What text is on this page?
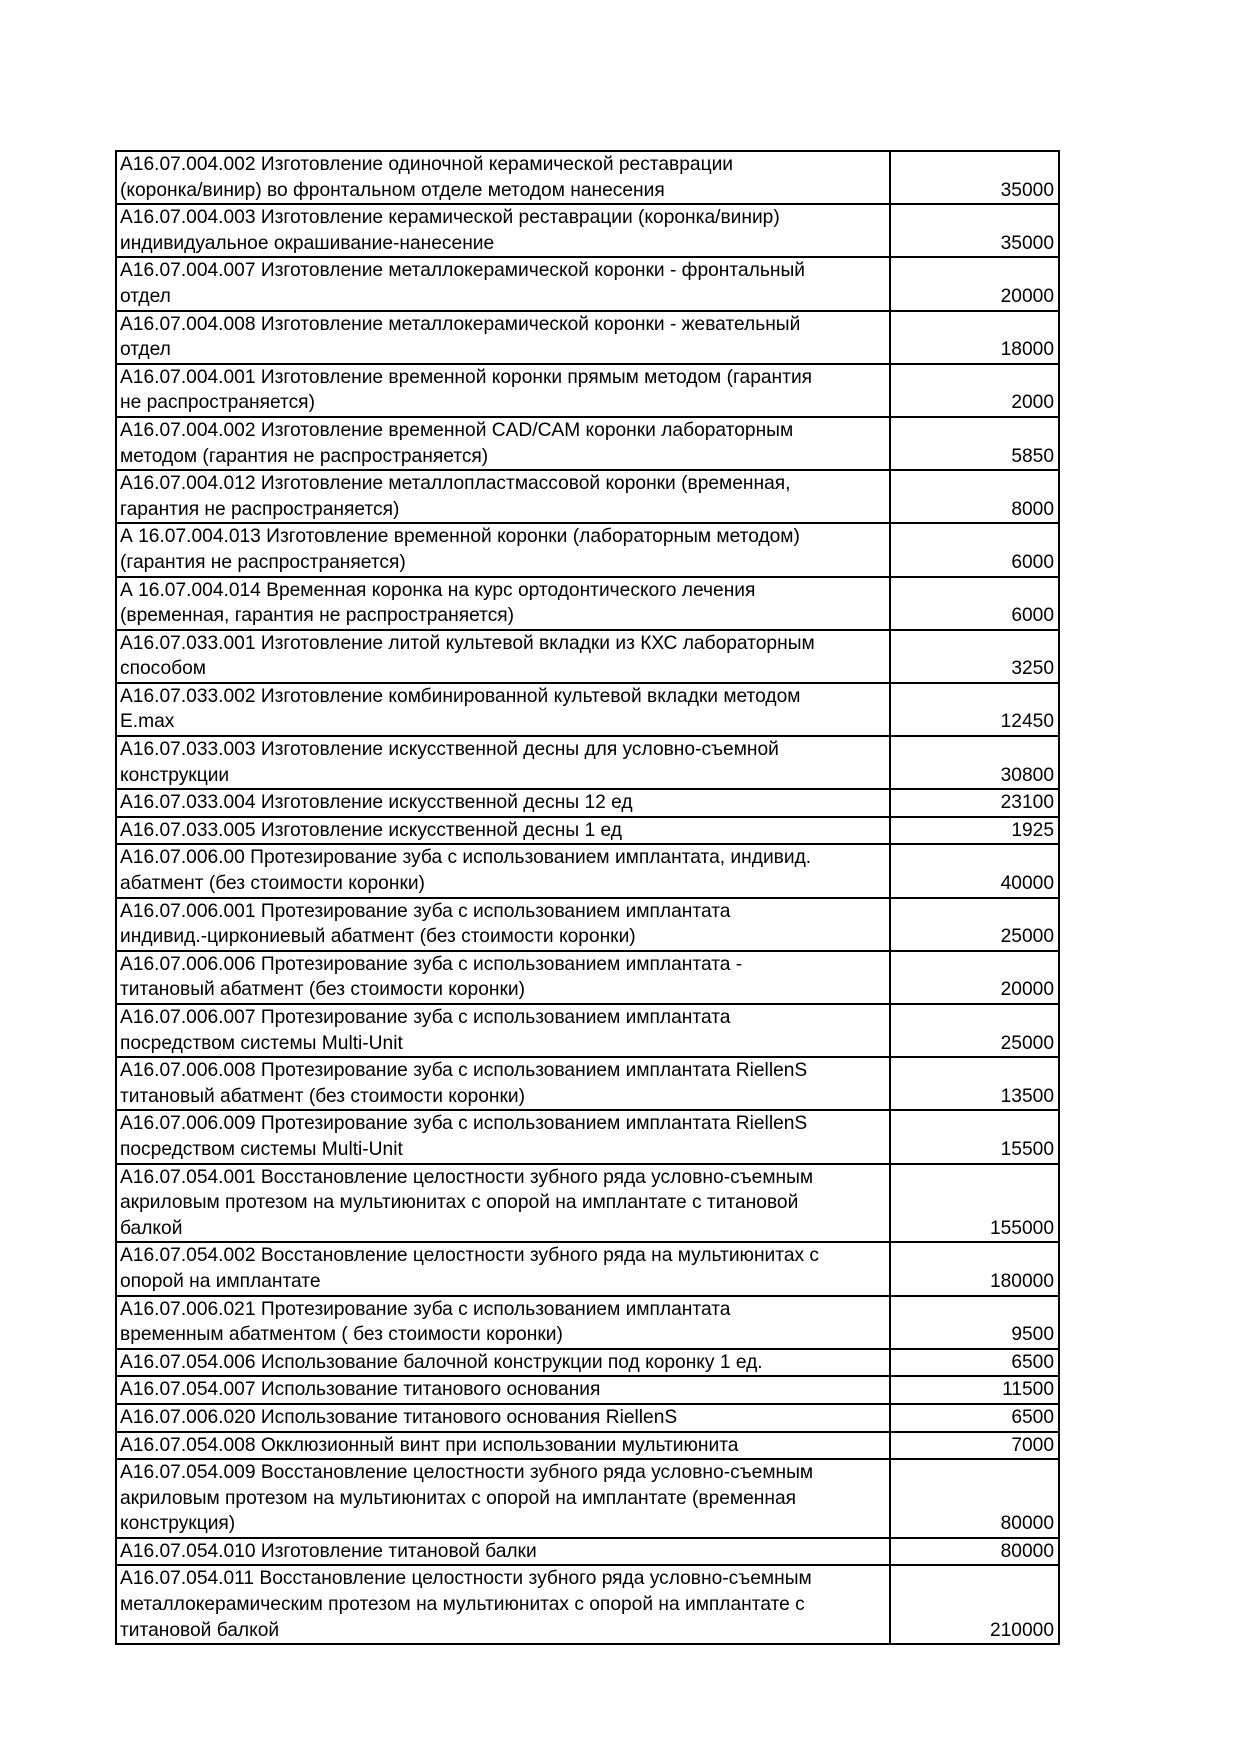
А16.07.004.002 Изготовление одиночной керамической реставрации
(коронка/винир) во фронтальном отделе методом нанесения	35000
А16.07.004.003 Изготовление керамической реставрации (коронка/винир)
индивидуальное окрашивание-нанесение	35000
А16.07.004.007 Изготовление металлокерамической коронки - фронтальный
отдел	20000
А16.07.004.008 Изготовление металлокерамической коронки - жевательный
отдел	18000
А16.07.004.001 Изготовление временной коронки прямым методом (гарантия
не распространяется)	2000
А16.07.004.002 Изготовление временной CAD/CAM коронки лабораторным
методом (гарантия не распространяется)	5850
А16.07.004.012 Изготовление металлопластмассовой коронки (временная,
гарантия не распространяется)	8000
А 16.07.004.013 Изготовление временной коронки (лабораторным методом)
(гарантия не распространяется)	6000
А 16.07.004.014 Временная коронка на курс ортодонтического лечения
(временная, гарантия не распространяется)	6000
А16.07.033.001 Изготовление литой культевой вкладки из КХС лабораторным
способом	3250
А16.07.033.002 Изготовление комбинированной культевой вкладки методом
E.max	12450
А16.07.033.003 Изготовление искусственной десны для условно-съемной
конструкции	30800
А16.07.033.004 Изготовление искусственной десны 12 ед	23100
А16.07.033.005 Изготовление искусственной десны 1 ед	1925
А16.07.006.00 Протезирование зуба с использованием имплантата, индивид.
абатмент (без стоимости коронки)	40000
А16.07.006.001 Протезирование зуба с использованием имплантата
индивид.-циркониевый абатмент (без стоимости коронки)	25000
А16.07.006.006 Протезирование зуба с использованием имплантата -
титановый абатмент (без стоимости коронки)	20000
А16.07.006.007 Протезирование зуба с использованием имплантата
посредством системы Multi-Unit	25000
А16.07.006.008 Протезирование зуба с использованием имплантата RiellenS
титановый абатмент (без стоимости коронки)	13500
А16.07.006.009 Протезирование зуба с использованием имплантата RiellenS
посредством системы Multi-Unit	15500
А16.07.054.001 Восстановление целостности зубного ряда условно-съемным
акриловым протезом на мультиюнитах с опорой на имплантате с титановой
балкой	155000
А16.07.054.002 Восстановление целостности зубного ряда на мультиюнитах с
опорой на имплантате	180000
А16.07.006.021 Протезирование зуба с использованием имплантата
временным абатментом ( без стоимости коронки)	9500
А16.07.054.006 Использование балочной конструкции под коронку 1 ед.	6500
А16.07.054.007 Использование титанового основания	11500
А16.07.006.020 Использование титанового основания RiellenS	6500
А16.07.054.008 Окклюзионный винт при использовании мультиюнита	7000
А16.07.054.009 Восстановление целостности зубного ряда условно-съемным
акриловым протезом на мультиюнитах с опорой на имплантате (временная
конструкция)	80000
А16.07.054.010 Изготовление титановой балки	80000
А16.07.054.011 Восстановление целостности зубного ряда условно-съемным
металлокерамическим протезом на мультиюнитах с опорой на имплантате с
титановой балкой	210000
